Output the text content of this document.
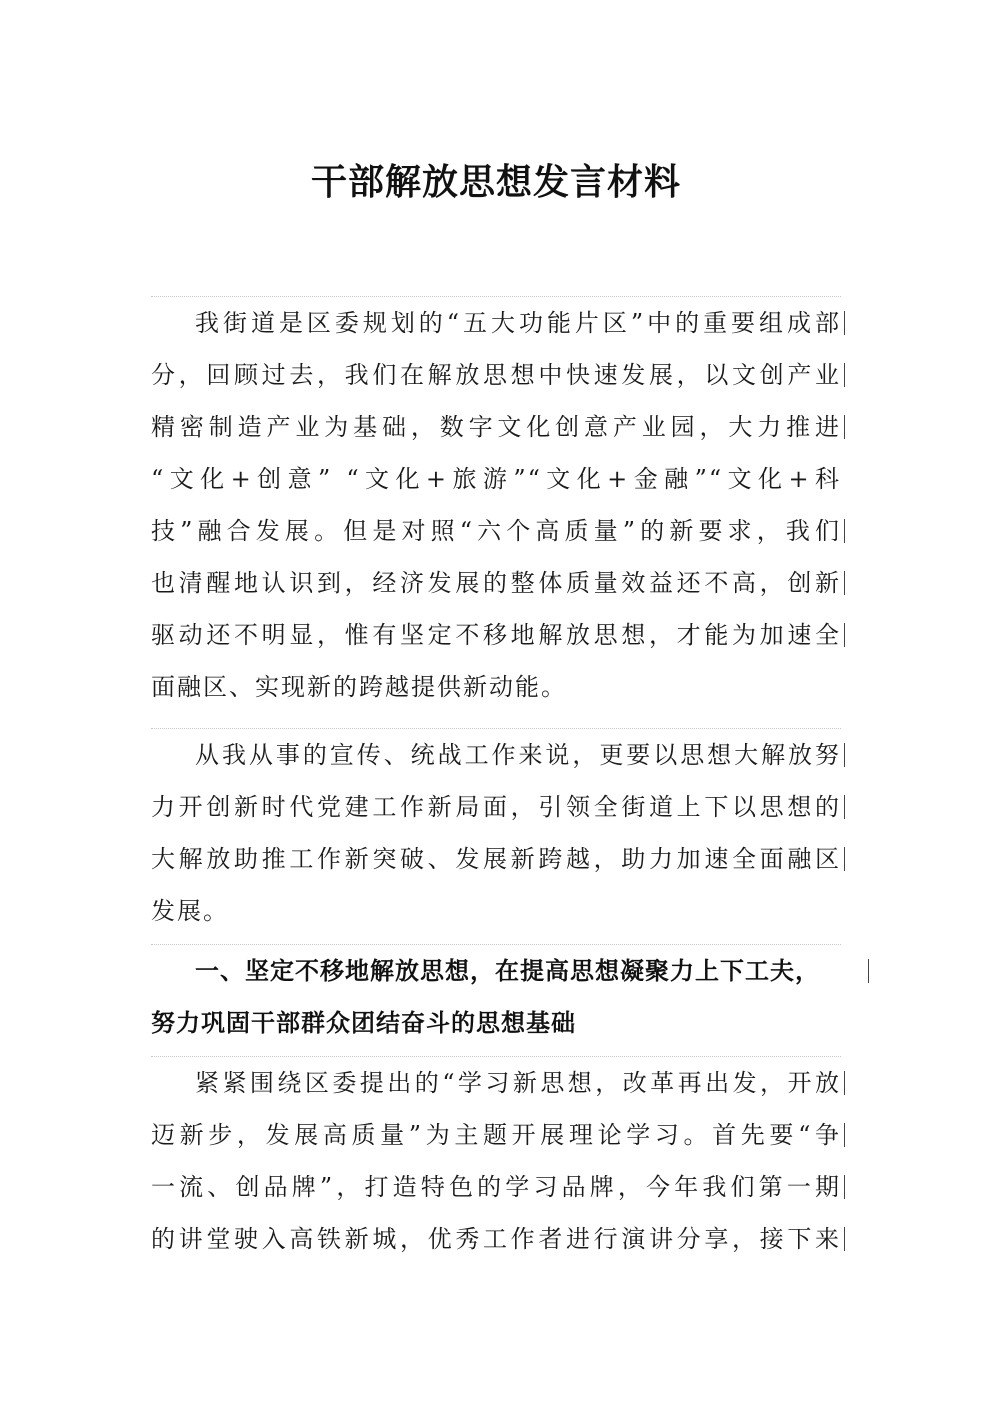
干部解放思想发言材料
我街道是区委规划的“五大功能片区”中的重要组成部
分，回顾过去，我们在解放思想中快速发展，以文创产业
精密制造产业为基础，数字文化创意产业园，大力推进
“文化+创意” “文化+旅游”“文化+金融”“文化+科
技”融合发展。但是对照“六个高质量”的新要求，我们
也清醒地认识到，经济发展的整体质量效益还不高，创新
驱动还不明显，惟有坚定不移地解放思想，才能为加速全
面融区、实现新的跨越提供新动能。
从我从事的宣传、统战工作来说，更要以思想大解放努
力开创新时代党建工作新局面，引领全街道上下以思想的
大解放助推工作新突破、发展新跨越，助力加速全面融区
发展。
一、坚定不移地解放思想，在提高思想凝聚力上下工夫，
努力巩固干部群众团结奋斗的思想基础
紧紧围绕区委提出的“学习新思想，改革再出发，开放
迈新步，发展高质量”为主题开展理论学习。首先要“争
一流、创品牌”，打造特色的学习品牌，今年我们第一期
的讲堂驶入高铁新城，优秀工作者进行演讲分享，接下来
